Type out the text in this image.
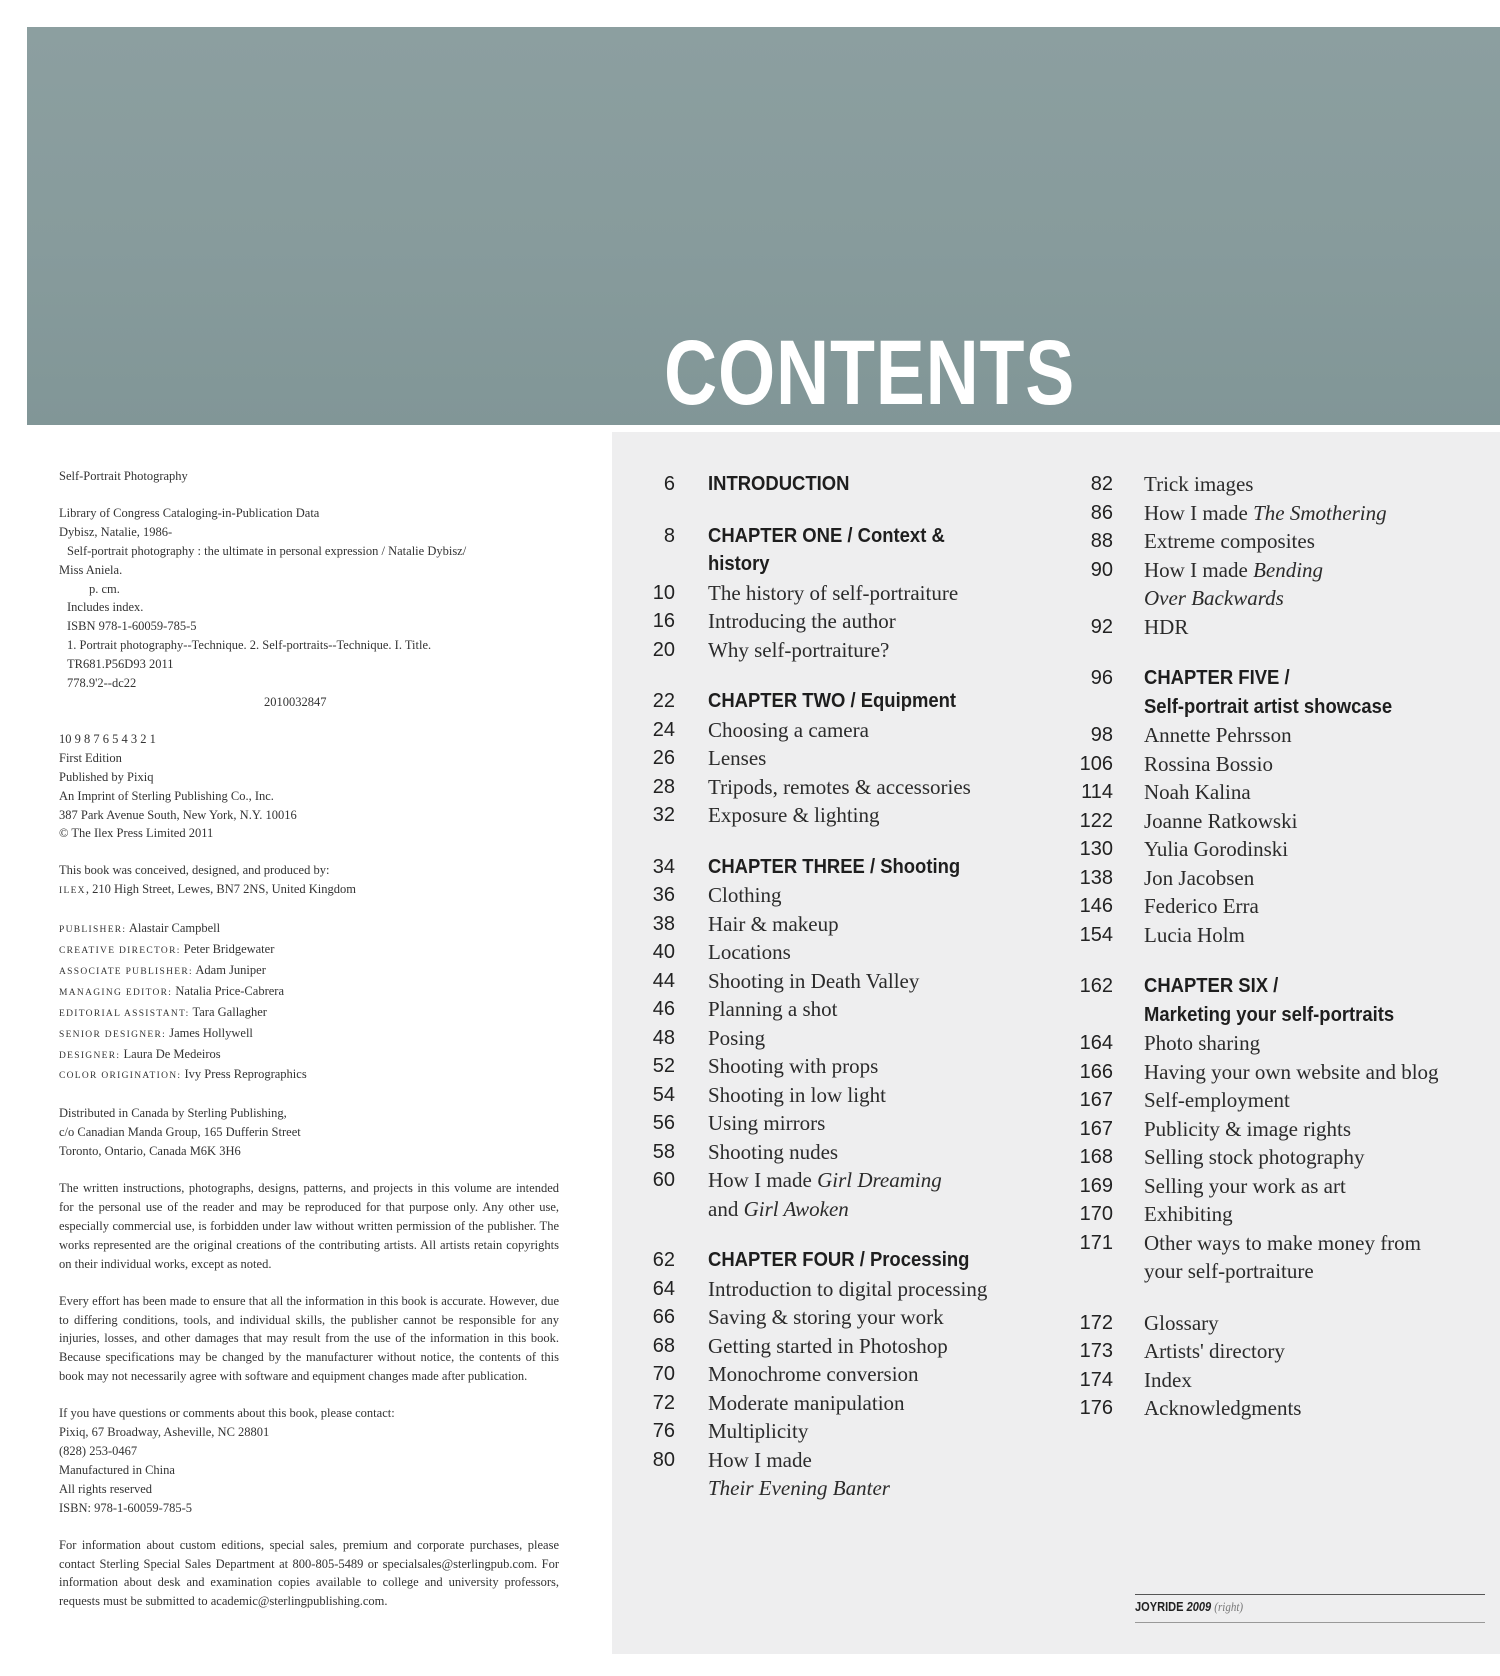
CONTENTS

Self-Portrait Photography

Library of Congress Cataloging-in-Publication Data
Dybisz, Natalie, 1986-
Self-portrait photography : the ultimate in personal expression / Natalie Dybisz/
Miss Aniela.
p. cm.
Includes index.
ISBN 978-1-60059-785-5
1. Portrait photography--Technique. 2. Self-portraits--Technique. I. Title.
TR681.P56D93 2011
778.9'2--dc22
2010032847

10 9 8 7 6 5 4 3 2 1
First Edition
Published by Pixiq
An Imprint of Sterling Publishing Co., Inc.
387 Park Avenue South, New York, N.Y. 10016
© The Ilex Press Limited 2011

This book was conceived, designed, and produced by:
ILEX, 210 High Street, Lewes, BN7 2NS, United Kingdom

PUBLISHER: Alastair Campbell
CREATIVE DIRECTOR: Peter Bridgewater
ASSOCIATE PUBLISHER: Adam Juniper
MANAGING EDITOR: Natalia Price-Cabrera
EDITORIAL ASSISTANT: Tara Gallagher
SENIOR DESIGNER: James Hollywell
DESIGNER: Laura De Medeiros
COLOR ORIGINATION: Ivy Press Reprographics

Distributed in Canada by Sterling Publishing,
c/o Canadian Manda Group, 165 Dufferin Street
Toronto, Ontario, Canada M6K 3H6

The written instructions, photographs, designs, patterns, and projects in this volume are intended for the personal use of the reader and may be reproduced for that purpose only. Any other use, especially commercial use, is forbidden under law without written permission of the publisher. The works represented are the original creations of the contributing artists. All artists retain copyrights on their individual works, except as noted.

Every effort has been made to ensure that all the information in this book is accurate. However, due to differing conditions, tools, and individual skills, the publisher cannot be responsible for any injuries, losses, and other damages that may result from the use of the information in this book. Because specifications may be changed by the manufacturer without notice, the contents of this book may not necessarily agree with software and equipment changes made after publication.

If you have questions or comments about this book, please contact:
Pixiq, 67 Broadway, Asheville, NC 28801
(828) 253-0467
Manufactured in China
All rights reserved
ISBN: 978-1-60059-785-5

For information about custom editions, special sales, premium and corporate purchases, please contact Sterling Special Sales Department at 800-805-5489 or specialsales@sterlingpub.com. For information about desk and examination copies available to college and university professors, requests must be submitted to academic@sterlingpublishing.com.

6 INTRODUCTION
8 CHAPTER ONE / Context & history
10 The history of self-portraiture
16 Introducing the author
20 Why self-portraiture?
22 CHAPTER TWO / Equipment
24 Choosing a camera
26 Lenses
28 Tripods, remotes & accessories
32 Exposure & lighting
34 CHAPTER THREE / Shooting
36 Clothing
38 Hair & makeup
40 Locations
44 Shooting in Death Valley
46 Planning a shot
48 Posing
52 Shooting with props
54 Shooting in low light
56 Using mirrors
58 Shooting nudes
60 How I made Girl Dreaming
and Girl Awoken
62 CHAPTER FOUR / Processing
64 Introduction to digital processing
66 Saving & storing your work
68 Getting started in Photoshop
70 Monochrome conversion
72 Moderate manipulation
76 Multiplicity
80 How I made
Their Evening Banter
82 Trick images
86 How I made The Smothering
88 Extreme composites
90 How I made Bending
Over Backwards
92 HDR
96 CHAPTER FIVE /
Self-portrait artist showcase
98 Annette Pehrsson
106 Rossina Bossio
114 Noah Kalina
122 Joanne Ratkowski
130 Yulia Gorodinski
138 Jon Jacobsen
146 Federico Erra
154 Lucia Holm
162 CHAPTER SIX /
Marketing your self-portraits
164 Photo sharing
166 Having your own website and blog
167 Self-employment
167 Publicity & image rights
168 Selling stock photography
169 Selling your work as art
170 Exhibiting
171 Other ways to make money from
your self-portraiture
172 Glossary
173 Artists' directory
174 Index
176 Acknowledgments
JOYRIDE 2009 (right)
